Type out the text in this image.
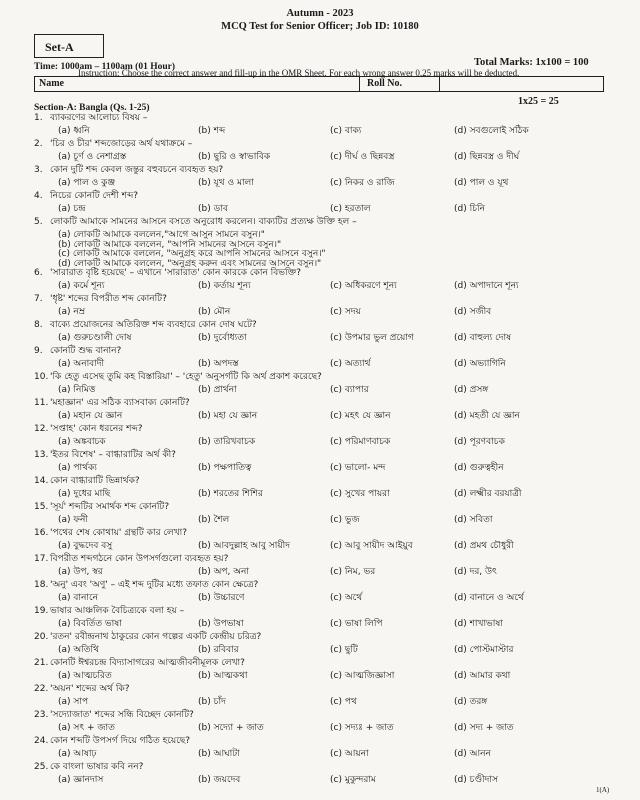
Autumn - 2023
MCQ Test for Senior Officer; Job ID: 10180
Set-A
Time: 1000am – 1100am (01 Hour)	Total Marks: 1x100 = 100
Instruction: Choose the correct answer and fill-up in the OMR Sheet. For each wrong answer 0.25 marks will be deducted.
Name	Roll No.
1x25 = 25
Section-A: Bangla (Qs. 1-25)
1. ব্যাকরণের আলোচ্য বিষয় –
(a) ধ্বনি	(b) শব্দ	(c) বাক্য	(d) সবগুলোই সঠিক
2. 'চির ও চীর' শব্দজোড়ের অর্থ যথাক্রমে –
(a) চূর্ণ ও নেশাগ্রস্ত	(b) ছুরি ও স্বাভাবিক	(c) দীর্ঘ ও ছিন্নবস্ত্র	(d) ছিন্নবস্ত্র ও দীর্ঘ
3. কোন দুটি শব্দ কেবল জন্তুর বহুবচনে ব্যবহৃত হয়?
(a) পাল ও কুঞ্জ	(b) যূথ ও মালা	(c) নিকর ও রাজি	(d) পাল ও যূথ
4. নিচের কোনটি দেশী শব্দ?
(a) চন্দ্র	(b) ডাব	(c) হরতাল	(d) চিনি
5. লোকটি আমাকে সামনের আসনে বসতে অনুরোধ করলেন। বাক্যটির প্রত্যক্ষ উক্তি হল –
(a) লোকটি আমাকে বললেন,"আগে আসুন সামনে বসুন।"
(b) লোকটি আমাকে বললেন, "আপনি সামনের আসনে বসুন।"
(c) লোকটি আমাকে বললেন, "অনুগ্রহ করে আপনি সামনের আসনে বসুন।"
(d) লোকটি আমাকে বললেন, "অনুগ্রহ করুন এবং সামনের আসনে বসুন।"
6. 'সারারাত বৃষ্টি হয়েছে' – এখানে 'সারারাত' কোন কারকে কোন বিভক্তি?
(a) কর্মে শূন্য	(b) কর্তায় শূন্য	(c) অধিকরণে শূন্য	(d) অপাদানে শূন্য
7. 'ধৃষ্ট' শব্দের বিপরীত শব্দ কোনটি?
(a) নম্র	(b) মৌন	(c) সদয়	(d) সজীব
8. বাক্যে প্রয়োজনের অতিরিক্ত শব্দ ব্যবহারে কোন দোষ ঘটে?
(a) গুরুচণ্ডালী দোষ	(b) দুর্বোধ্যতা	(c) উপমার ভুল প্রয়োগ	(d) বাহুল্য দোষ
9. কোনটি শুদ্ধ বানান?
(a) অনাবাদী	(b) অপদস্ত	(c) অত্যার্থ	(d) অভ্যাগিনি
10. 'কি হেতু এসেছ তুমি কহ বিস্তারিয়া' – 'হেতু' অনুসর্গটি কি অর্থ প্রকাশ করেছে?
(a) নিমিত্ত	(b) প্রার্থনা	(c) ব্যাপার	(d) প্রসঙ্গ
11. 'মহাজ্ঞান' এর সঠিক ব্যাসবাক্য কোনটি?
(a) মহান যে জ্ঞান	(b) মহা যে জ্ঞান	(c) মহৎ যে জ্ঞান	(d) মহতী যে জ্ঞান
12. 'সপ্তাহ' কোন ধরনের শব্দ?
(a) অঙ্কবাচক	(b) তারিখবাচক	(c) পরিমাণবাচক	(d) পূরণবাচক
13. 'ইতর বিশেষ' – বাগ্ধারাটির অর্থ কী?
(a) পার্থক্য	(b) পক্ষপাতিত্ব	(c) ভালো- মন্দ	(d) গুরুত্বহীন
14. কোন বাগ্ধারাটি ভিন্নার্থক?
(a) দুধের মাছি	(b) শরতের শিশির	(c) সুখের পায়রা	(d) লক্ষ্মীর বরযাত্রী
15. 'সূর্য' শব্দটির সমার্থক শব্দ কোনটি?
(a) ফনী	(b) শৈল	(c) ভুজ	(d) সবিতা
16. 'পথের শেষ কোথায়' গ্রন্থটি কার লেখা?
(a) বুদ্ধদেব বসু	(b) আবদুল্লাহ আবু সায়ীদ	(c) আবু সায়ীদ আইয়ুব	(d) প্রমথ চৌধুরী
17. বিপরীত শব্দগঠনে কোন উপসর্গগুলো ব্যবহৃত হয়?
(a) উপ, স্বর	(b) অপ, অনা	(c) নিম, ভর	(d) দর, উৎ
18. 'অনু' এবং 'অণু' – এই শব্দ দুটির মধ্যে তফাত কোন ক্ষেত্রে?
(a) বানানে	(b) উচ্চারণে	(c) অর্থে	(d) বানানে ও অর্থে
19. ভাষার আঞ্চলিক বৈচিত্র্যকে বলা হয় –
(a) বিবর্তিত ভাষা	(b) উপভাষা	(c) ভাষা লিপি	(d) শাখাভাষা
20. 'রতন' রবীন্দ্রনাথ ঠাকুরের কোন গল্পের একটি কেন্দ্রীয় চরিত্র?
(a) অতিথি	(b) রবিবার	(c) ছুটি	(d) পোস্টমাস্টার
21. কোনটি ঈশ্বরচন্দ্র বিদ্যাসাগরের আত্মজীবনীমূলক লেখা?
(a) আত্মচরিত	(b) আত্মকথা	(c) আত্মজিজ্ঞাসা	(d) আমার কথা
22. 'অয়ন' শব্দের অর্থ কি?
(a) সাপ	(b) চাঁদ	(c) পথ	(d) তরঙ্গ
23. 'সদ্যোজাত' শব্দের সন্ধি বিচ্ছেদ কোনটি?
(a) সৎ + জাত	(b) সদ্যো + জাত	(c) সদ্যঃ + জাত	(d) সদ্য + জাত
24. কোন শব্দটি উপসর্গ দিয়ে গঠিত হয়েছে?
(a) আষাঢ়	(b) আঘাটা	(c) আয়না	(d) আনন
25. কে বাংলা ভাষার কবি নন?
(a) জ্ঞানদাস	(b) জয়দেব	(c) মুকুন্দরাম	(d) চণ্ডীদাস
1(A)
